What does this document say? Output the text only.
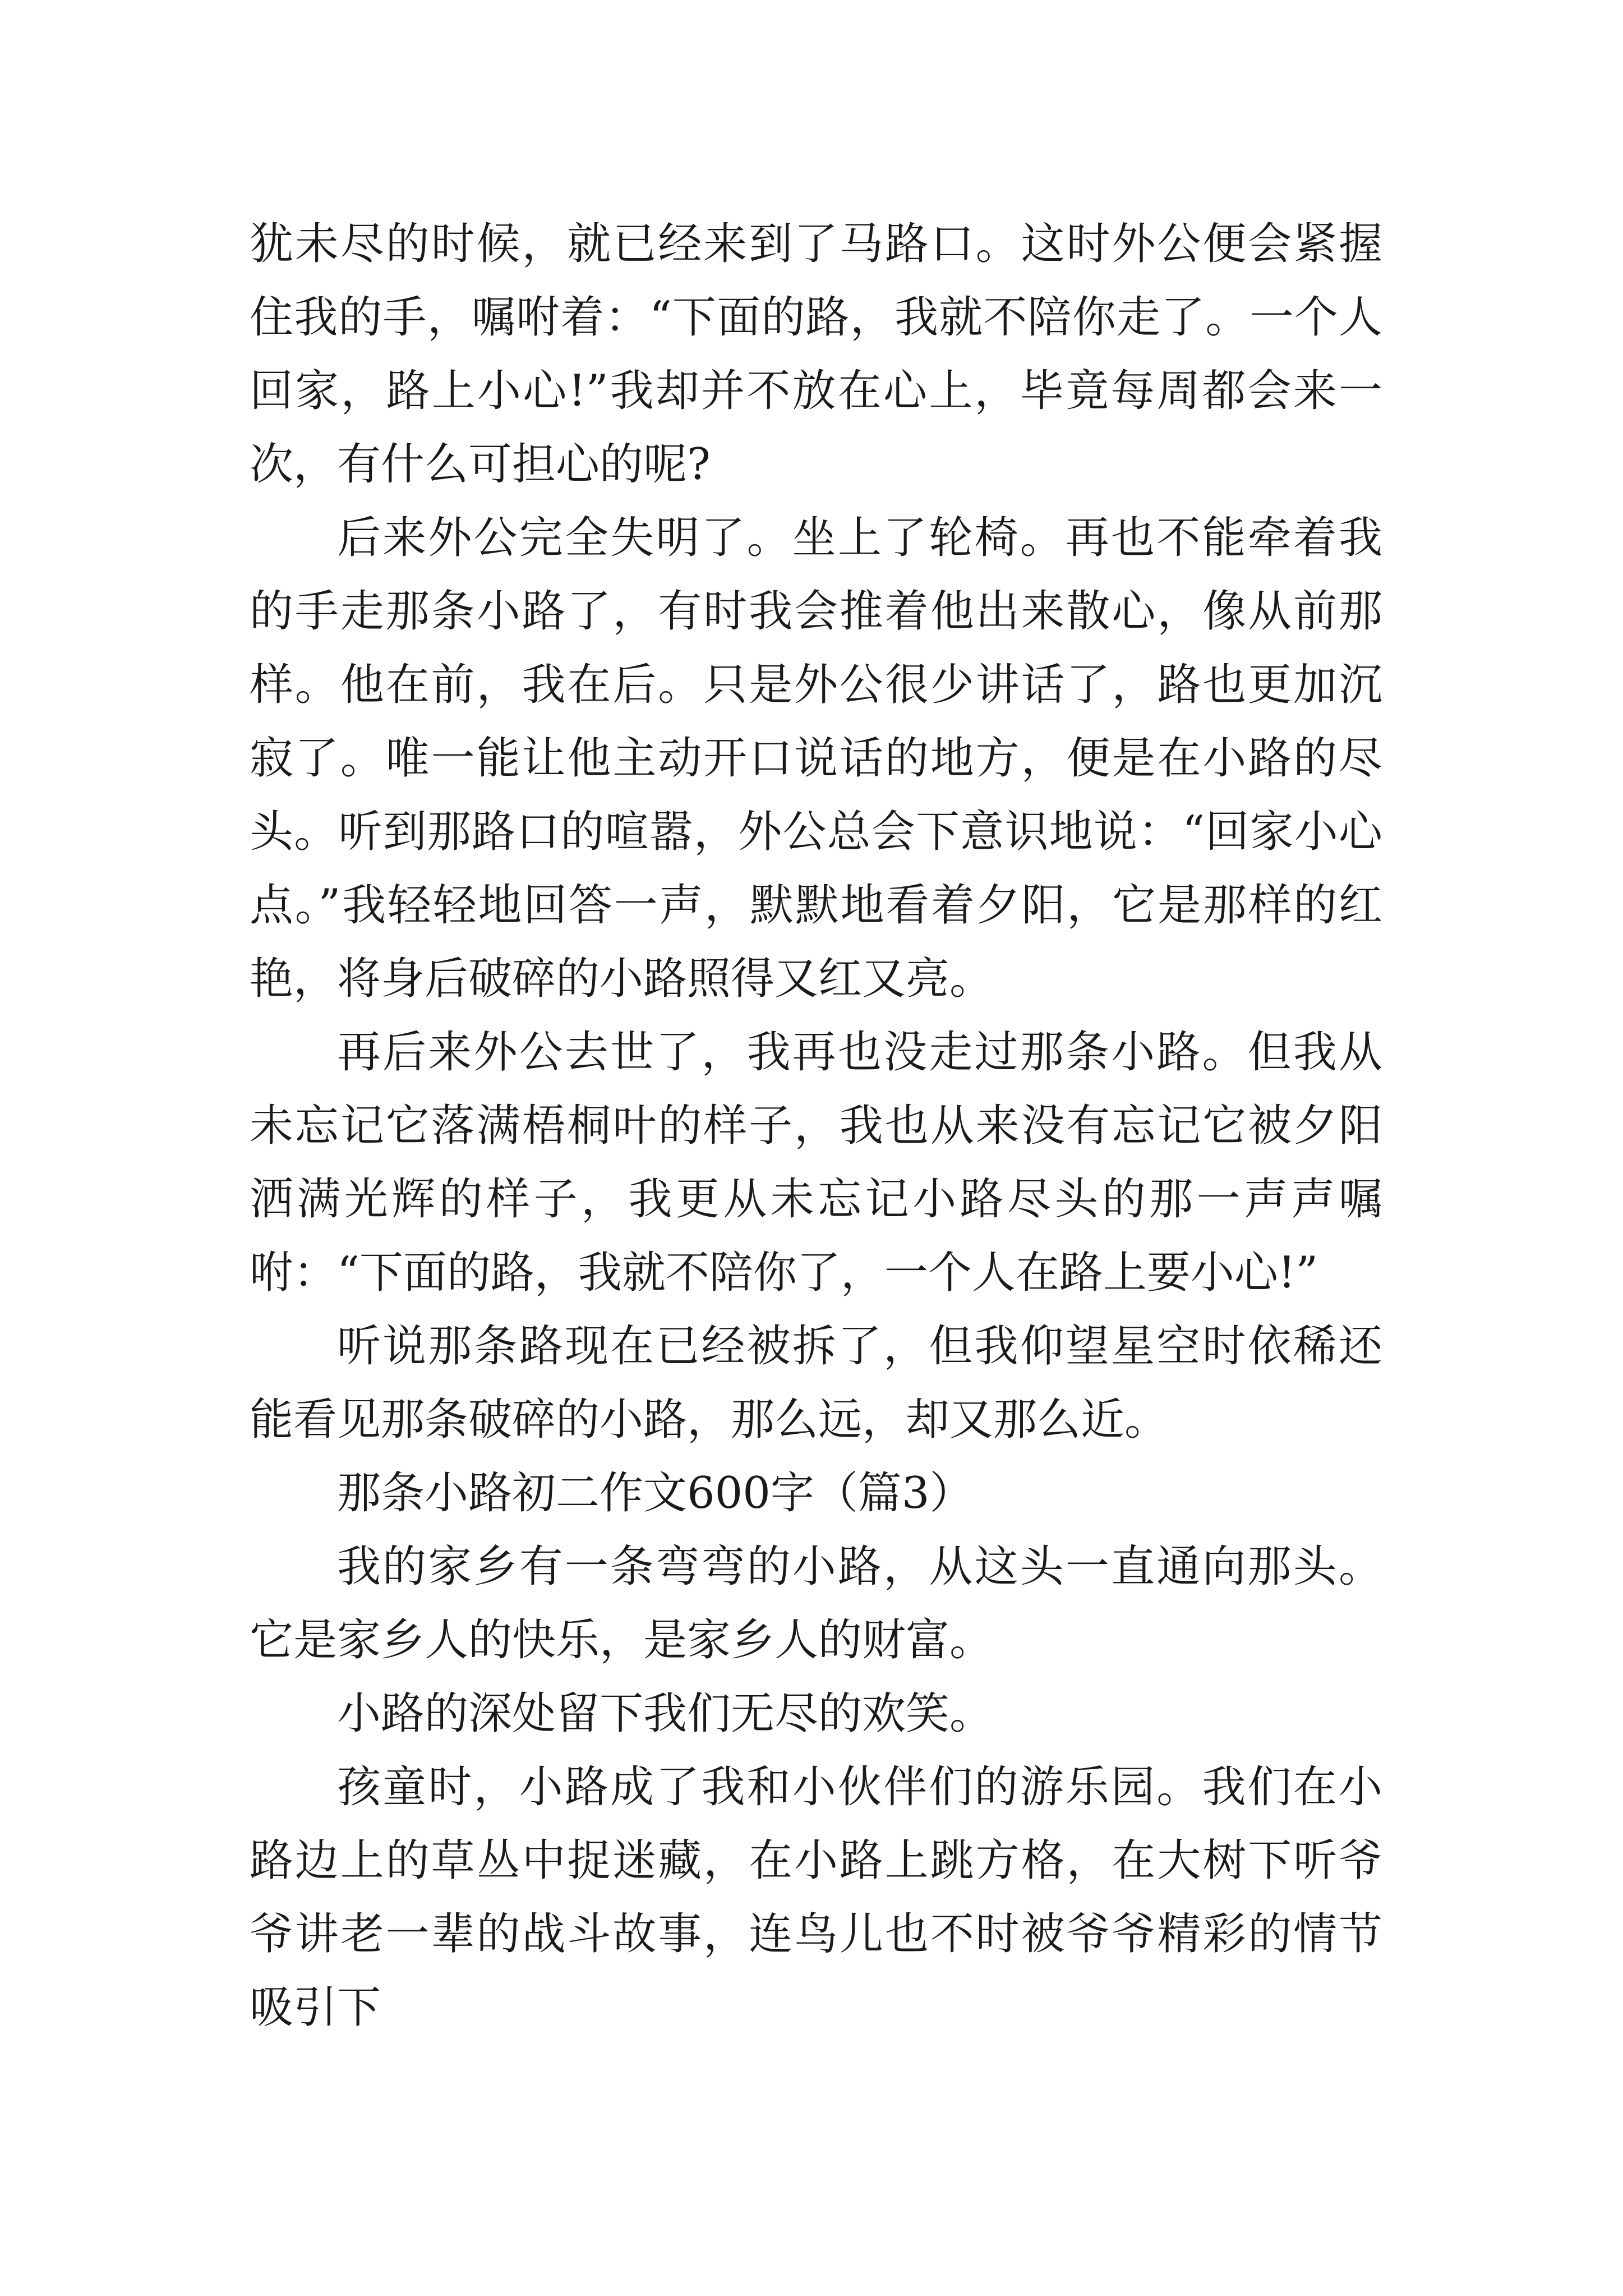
犹未尽的时候，就已经来到了马路口。这时外公便会紧握住我的手，嘱咐着：“下面的路，我就不陪你走了。一个人回家，路上小心!”我却并不放在心上，毕竟每周都会来一次，有什么可担心的呢?

后来外公完全失明了。坐上了轮椅。再也不能牵着我的手走那条小路了，有时我会推着他出来散心，像从前那样。他在前，我在后。只是外公很少讲话了，路也更加沉寂了。唯一能让他主动开口说话的地方，便是在小路的尽头。听到那路口的喧嚣，外公总会下意识地说：“回家小心点。”我轻轻地回答一声，默默地看着夕阳，它是那样的红艳，将身后破碎的小路照得又红又亮。

再后来外公去世了，我再也没走过那条小路。但我从未忘记它落满梧桐叶的样子，我也从来没有忘记它被夕阳洒满光辉的样子，我更从未忘记小路尽头的那一声声嘱咐：“下面的路，我就不陪你了，一个人在路上要小心!”

听说那条路现在已经被拆了，但我仰望星空时依稀还能看见那条破碎的小路，那么远，却又那么近。

那条小路初二作文600字（篇3）

我的家乡有一条弯弯的小路，从这头一直通向那头。它是家乡人的快乐，是家乡人的财富。

小路的深处留下我们无尽的欢笑。

孩童时，小路成了我和小伙伴们的游乐园。我们在小路边上的草丛中捉迷藏，在小路上跳方格，在大树下听爷爷讲老一辈的战斗故事，连鸟儿也不时被爷爷精彩的情节吸引下
